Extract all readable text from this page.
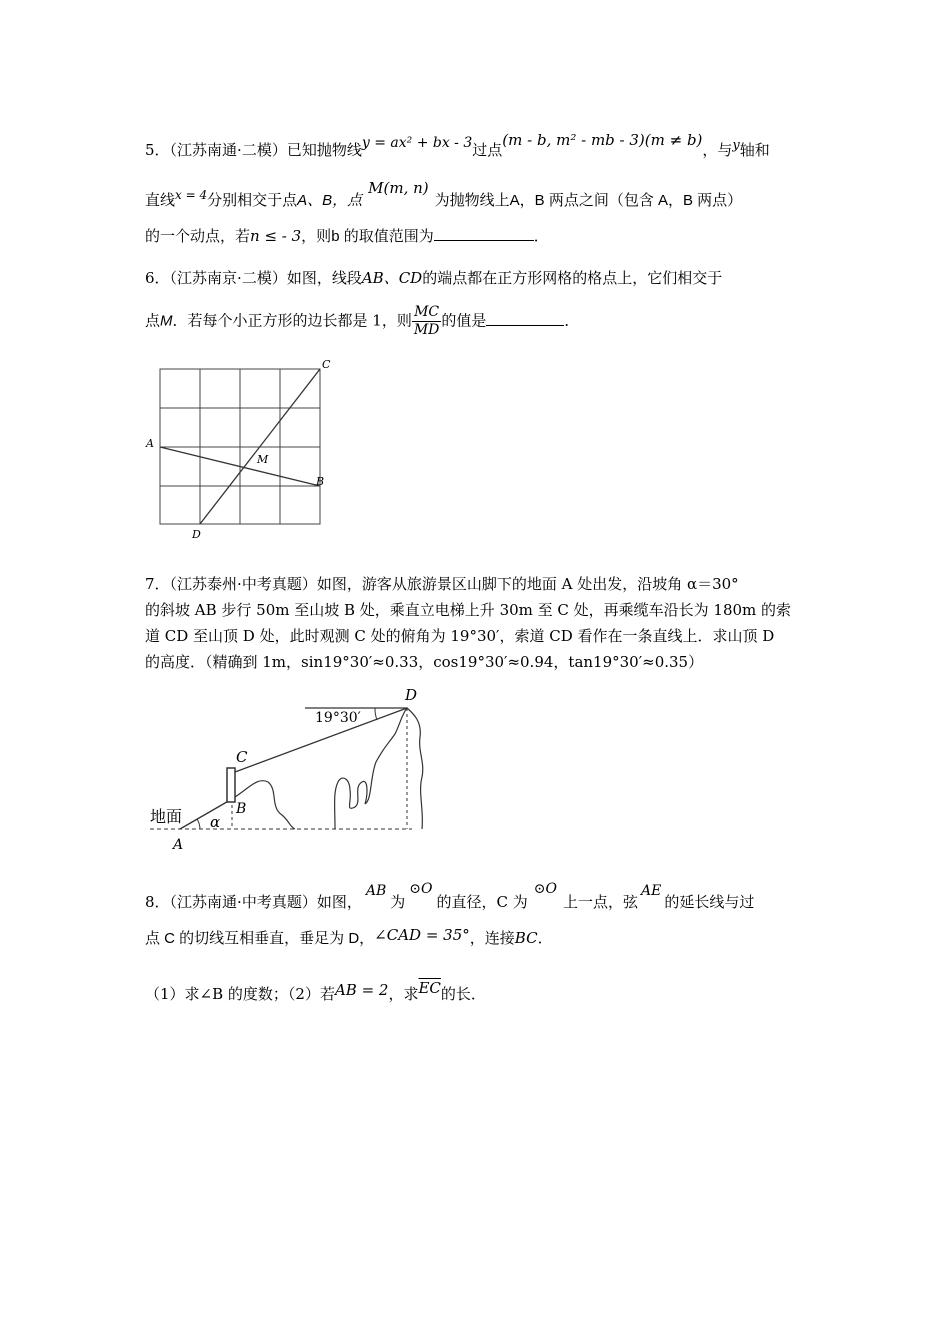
5．（江苏南通·二模）已知抛物线y = ax² + bx - 3过点(m - b, m² - mb - 3)(m ≠ b)，与y轴和
直线$^{x = 4}$分别相交于点A、B，点M(m, n)为抛物线上A，B 两点之间（包含 A，B 两点）
的一个动点，若n ≤ - 3，则b 的取值范围为	．
6．（江苏南京·二模）如图，线段AB、CD的端点都在正方形网格的格点上，它们相交于
点M．若每个小正方形的边长都是 1，则 $\frac{MC}{MD}$ 的值是	．
A
B
C
D
M
7．（江苏泰州·中考真题）如图，游客从旅游景区山脚下的地面 A 处出发，沿坡角 α＝30°
的斜坡 AB 步行 50m 至山坡 B 处，乘直立电梯上升 30m 至 C 处，再乘缆车沿长为 180m 的索
道 CD 至山顶 D 处，此时观测 C 处的俯角为 19°30′，索道 CD 看作在一条直线上．求山顶 D
的高度．（精确到 1m，sin19°30′≈0.33，cos19°30′≈0.94，tan19°30′≈0.35）
19°30′
D
C
B
A
α
地面
8．（江苏南通·中考真题）如图，AB为⊙O的直径，C 为⊙O上一点，弦AE的延长线与过
点 C 的切线互相垂直，垂足为 D，∠CAD = 35°，连接BC．
（1）求∠B 的度数；（2）若AB = 2，求$\overline{EC}$的长．
